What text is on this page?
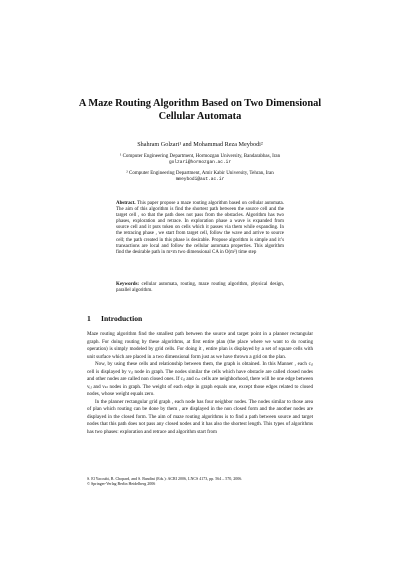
A Maze Routing Algorithm Based on Two Dimensional Cellular Automata
Shahram Golzari¹ and Mohammad Reza Meybodi²
¹ Computer Engineering Department, Hormozgan University, Bandarabbas, Iran
golzari@hormozgan.ac.ir
² Computer Engineering Department, Amir Kabir University, Tehran, Iran
mmeybodi@aut.ac.ir
Abstract. This paper propose a maze routing algorithm based on cellular automata. The aim of this algorithm is find the shortest path between the source cell and the target cell , so that the path does not pass from the obstacles. Algorithm has two phases, exploration and retrace. In exploration phase a wave is expanded from source cell and it puts token on cells which it passes via them while expanding. In the retracing phase , we start from target cell, follow the wave and arrive to source cell; the path created in this phase is desirable. Propose algorithm is simple and it’s transactions are local and follow the cellular automata properties. This algorithm find the desirable path in m×m two dimensional CA in O(m²) time step
Keywords: cellular automata, routing, maze routing algorithm, physical design, parallel algorithm.
1 Introduction

Maze routing algorithm find the smallest path between the source and target point in a planner rectangular graph. For doing routing by these algorithms, at first entire plan (the place where we want to do routing operation) is simply modeled by grid cells. For doing it , entire plan is displayed by a set of square cells with unit surface which are placed in a two dimensional form just as we have thrown a grid on the plan.

Now, by using these cells and relationship between them, the graph is obtained. In this Manner , each cᵢⱼ cell is displayed by vᵢⱼ node in graph. The nodes similar the cells which have obstacle are called closed nodes and other nodes are called non closed ones. If cᵢⱼ and cₖₗ cells are neighborhood, there will be one edge between vᵢⱼ and vₖₗ nodes in graph. The weight of each edge in graph equals one, except those edges related to closed nodes, whose weight equals zero.

In the planner rectangular grid graph , each node has four neighbor nodes. The nodes similar to those area of plan which routing can be done by them , are displayed in the non closed form and the another nodes are displayed in the closed form. The aim of maze routing algorithms is to find a path between source and target nodes that this path does not pass any closed nodes and it has also the shortest length. This types of algorithms has two phases: exploration and retrace and algorithm start from

S. El Yacoubi, B. Chopard, and S. Bandini (Eds.): ACRI 2006, LNCS 4173, pp. 564 – 570, 2006.
© Springer-Verlag Berlin Heidelberg 2006
